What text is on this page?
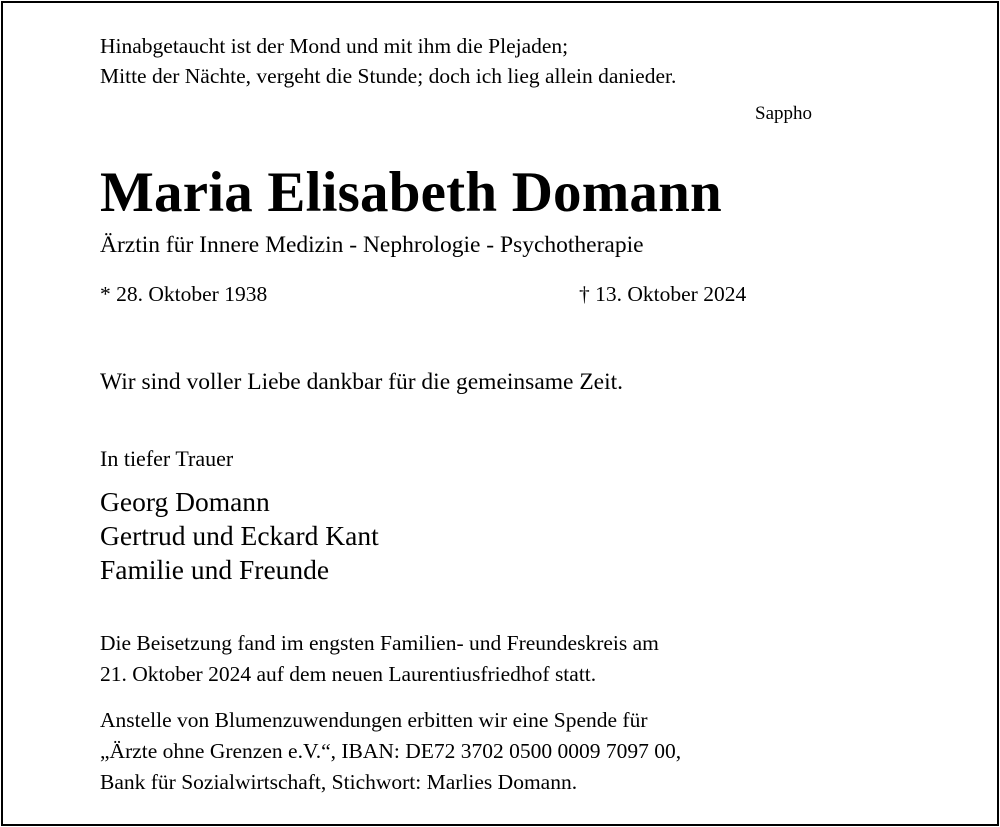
Hinabgetaucht ist der Mond und mit ihm die Plejaden;
Mitte der Nächte, vergeht die Stunde; doch ich lieg allein danieder.
Sappho
Maria Elisabeth Domann
Ärztin für Innere Medizin - Nephrologie - Psychotherapie
* 28. Oktober 1938	† 13. Oktober 2024
Wir sind voller Liebe dankbar für die gemeinsame Zeit.
In tiefer Trauer
Georg Domann
Gertrud und Eckard Kant
Familie und Freunde
Die Beisetzung fand im engsten Familien- und Freundeskreis am
21. Oktober 2024 auf dem neuen Laurentiusfriedhof statt.
Anstelle von Blumenzuwendungen erbitten wir eine Spende für
„Ärzte ohne Grenzen e.V.“, IBAN: DE72 3702 0500 0009 7097 00,
Bank für Sozialwirtschaft, Stichwort: Marlies Domann.
